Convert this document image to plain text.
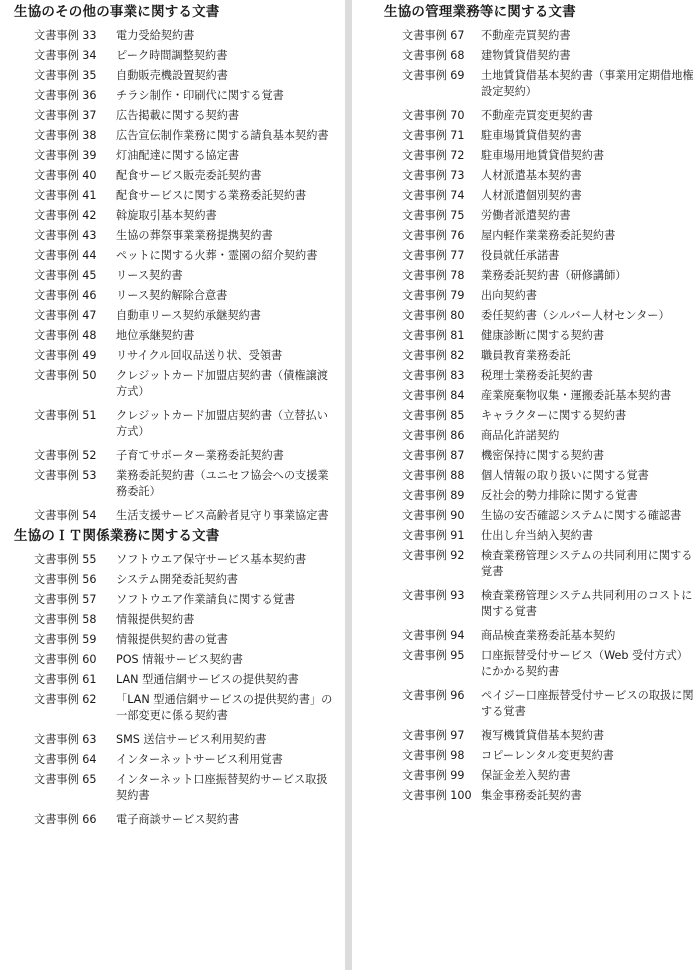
生協のその他の事業に関する文書
文書事例 33	電力受給契約書
文書事例 34	ピーク時間調整契約書
文書事例 35	自動販売機設置契約書
文書事例 36	チラシ制作・印刷代に関する覚書
文書事例 37	広告掲載に関する契約書
文書事例 38	広告宣伝制作業務に関する請負基本契約書
文書事例 39	灯油配達に関する協定書
文書事例 40	配食サービス販売委託契約書
文書事例 41	配食サービスに関する業務委託契約書
文書事例 42	斡旋取引基本契約書
文書事例 43	生協の葬祭事業業務提携契約書
文書事例 44	ペットに関する火葬・霊園の紹介契約書
文書事例 45	リース契約書
文書事例 46	リース契約解除合意書
文書事例 47	自動車リース契約承継契約書
文書事例 48	地位承継契約書
文書事例 49	リサイクル回収品送り状、受領書
文書事例 50	クレジットカード加盟店契約書（債権譲渡方式）
文書事例 51	クレジットカード加盟店契約書（立替払い方式）
文書事例 52	子育てサポーター業務委託契約書
文書事例 53	業務委託契約書（ユニセフ協会への支援業務委託）
文書事例 54	生活支援サービス高齢者見守り事業協定書
生協のＩＴ関係業務に関する文書
文書事例 55	ソフトウエア保守サービス基本契約書
文書事例 56	システム開発委託契約書
文書事例 57	ソフトウエア作業請負に関する覚書
文書事例 58	情報提供契約書
文書事例 59	情報提供契約書の覚書
文書事例 60	POS 情報サービス契約書
文書事例 61	LAN 型通信網サービスの提供契約書
文書事例 62	「LAN 型通信網サービスの提供契約書」の一部変更に係る契約書
文書事例 63	SMS 送信サービス利用契約書
文書事例 64	インターネットサービス利用覚書
文書事例 65	インターネット口座振替契約サービス取扱契約書
文書事例 66	電子商談サービス契約書
生協の管理業務等に関する文書
文書事例 67	不動産売買契約書
文書事例 68	建物賃貸借契約書
文書事例 69	土地賃貸借基本契約書（事業用定期借地権設定契約）
文書事例 70	不動産売買変更契約書
文書事例 71	駐車場賃貸借契約書
文書事例 72	駐車場用地賃貸借契約書
文書事例 73	人材派遣基本契約書
文書事例 74	人材派遣個別契約書
文書事例 75	労働者派遣契約書
文書事例 76	屋内軽作業業務委託契約書
文書事例 77	役員就任承諾書
文書事例 78	業務委託契約書（研修講師）
文書事例 79	出向契約書
文書事例 80	委任契約書（シルバー人材センター）
文書事例 81	健康診断に関する契約書
文書事例 82	職員教育業務委託
文書事例 83	税理士業務委託契約書
文書事例 84	産業廃棄物収集・運搬委託基本契約書
文書事例 85	キャラクターに関する契約書
文書事例 86	商品化許諾契約
文書事例 87	機密保持に関する契約書
文書事例 88	個人情報の取り扱いに関する覚書
文書事例 89	反社会的勢力排除に関する覚書
文書事例 90	生協の安否確認システムに関する確認書
文書事例 91	仕出し弁当納入契約書
文書事例 92	検査業務管理システムの共同利用に関する覚書
文書事例 93	検査業務管理システム共同利用のコストに関する覚書
文書事例 94	商品検査業務委託基本契約
文書事例 95	口座振替受付サービス（Web 受付方式）にかかる契約書
文書事例 96	ペイジー口座振替受付サービスの取扱に関する覚書
文書事例 97	複写機賃貸借基本契約書
文書事例 98	コピーレンタル変更契約書
文書事例 99	保証金差入契約書
文書事例 100 集金事務委託契約書
